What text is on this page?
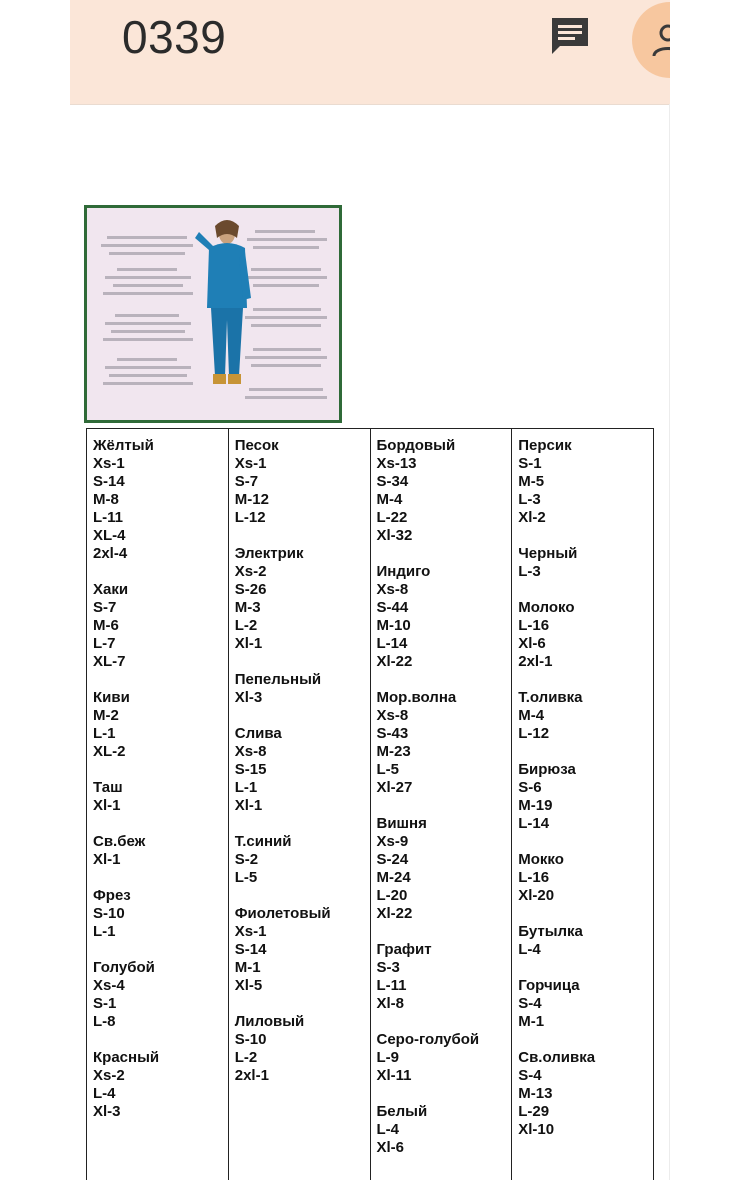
0339
Жёлтый
Xs-1
S-14
M-8
L-11
XL-4
2xl-4
Хаки
S-7
M-6
L-7
XL-7
Киви
M-2
L-1
XL-2
Таш
Xl-1
Св.беж
Xl-1
Фрез
S-10
L-1
Голубой
Xs-4
S-1
L-8
Красный
Xs-2
L-4
Xl-3
Песок
Xs-1
S-7
M-12
L-12
Электрик
Xs-2
S-26
M-3
L-2
Xl-1
Пепельный
Xl-3
Слива
Xs-8
S-15
L-1
Xl-1
Т.синий
S-2
L-5
Фиолетовый
Xs-1
S-14
M-1
Xl-5
Лиловый
S-10
L-2
2xl-1
Бордовый
Xs-13
S-34
M-4
L-22
Xl-32
Индиго
Xs-8
S-44
M-10
L-14
Xl-22
Мор.волна
Xs-8
S-43
M-23
L-5
Xl-27
Вишня
Xs-9
S-24
M-24
L-20
Xl-22
Графит
S-3
L-11
Xl-8
Серо-голубой
L-9
Xl-11
Белый
L-4
Xl-6
Персик
S-1
M-5
L-3
Xl-2
Черный
L-3
Молоко
L-16
Xl-6
2xl-1
Т.оливка
M-4
L-12
Бирюза
S-6
M-19
L-14
Мокко
L-16
Xl-20
Бутылка
L-4
Горчица
S-4
M-1
Св.оливка
S-4
M-13
L-29
Xl-10
